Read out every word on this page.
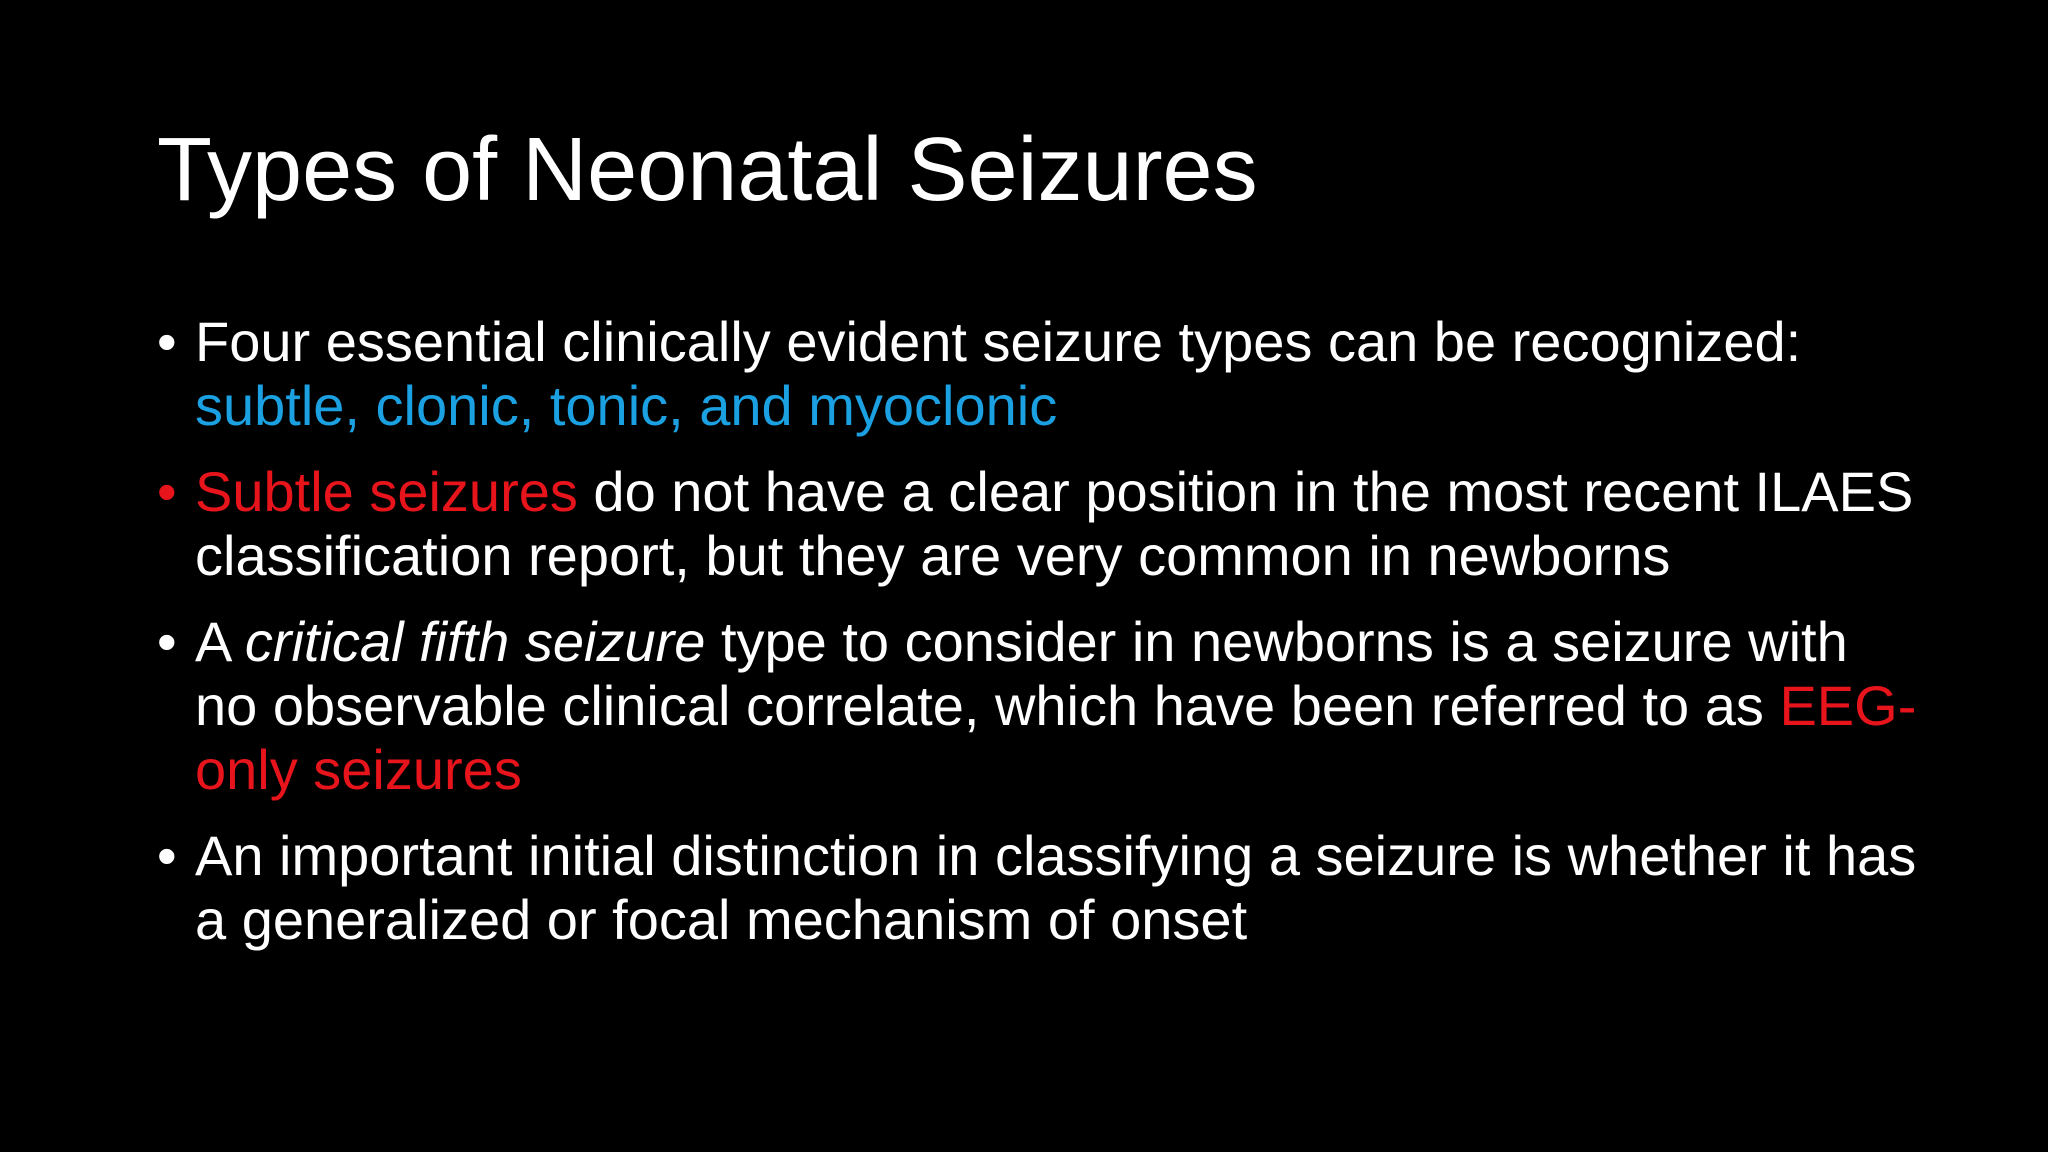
Types of Neonatal Seizures
• Four essential clinically evident seizure types can be recognized: subtle, clonic, tonic, and myoclonic
• Subtle seizures do not have a clear position in the most recent ILAES classification report, but they are very common in newborns
• A critical fifth seizure type to consider in newborns is a seizure with no observable clinical correlate, which have been referred to as EEG-only seizures
• An important initial distinction in classifying a seizure is whether it has a generalized or focal mechanism of onset
